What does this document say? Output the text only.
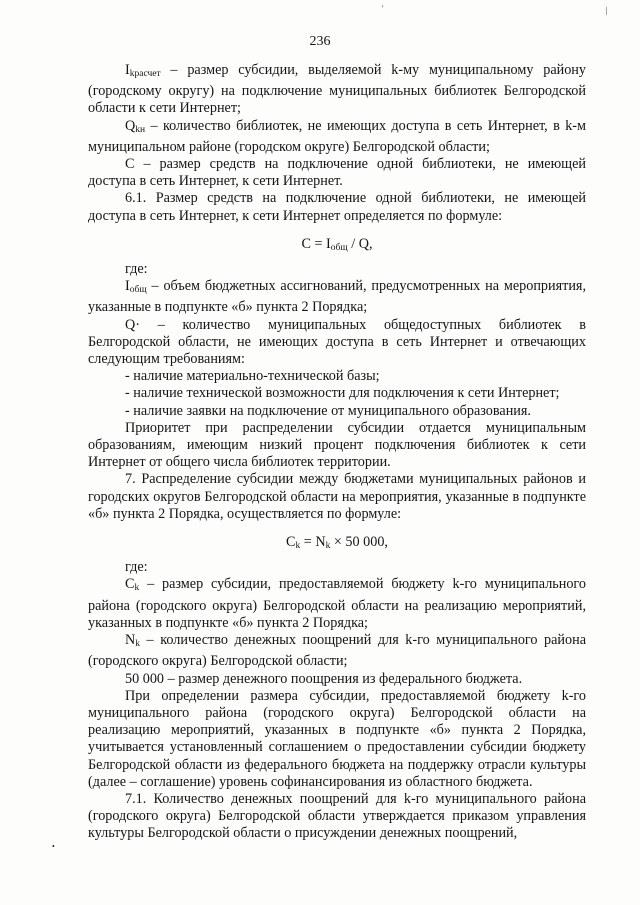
236

$I_{kрасчет}$ – размер субсидии, выделяемой k-му муниципальному району (городскому округу) на подключение муниципальных библиотек Белгородской области к сети Интернет;

$Q_{kн}$ – количество библиотек, не имеющих доступа в сеть Интернет, в k-м муниципальном районе (городском округе) Белгородской области;

С – размер средств на подключение одной библиотеки, не имеющей доступа в сеть Интернет, к сети Интернет.

6.1. Размер средств на подключение одной библиотеки, не имеющей доступа в сеть Интернет, к сети Интернет определяется по формуле:

$С = I_{общ} / Q$,

где:

$I_{общ}$ – объем бюджетных ассигнований, предусмотренных на мероприятия, указанные в подпункте «б» пункта 2 Порядка;

Q· – количество муниципальных общедоступных библиотек в Белгородской области, не имеющих доступа в сеть Интернет и отвечающих следующим требованиям:

- наличие материально-технической базы;

- наличие технической возможности для подключения к сети Интернет;

- наличие заявки на подключение от муниципального образования.

Приоритет при распределении субсидии отдается муниципальным образованиям, имеющим низкий процент подключения библиотек к сети Интернет от общего числа библиотек территории.

7. Распределение субсидии между бюджетами муниципальных районов и городских округов Белгородской области на мероприятия, указанные в подпункте «б» пункта 2 Порядка, осуществляется по формуле:

$С_k = N_k \times 50$ 000,

где:

$С_k$ – размер субсидии, предоставляемой бюджету k-го муниципального района (городского округа) Белгородской области на реализацию мероприятий, указанных в подпункте «б» пункта 2 Порядка;

$N_k$ – количество денежных поощрений для k-го муниципального района (городского округа) Белгородской области;

50 000 – размер денежного поощрения из федерального бюджета.

При определении размера субсидии, предоставляемой бюджету k-го муниципального района (городского округа) Белгородской области на реализацию мероприятий, указанных в подпункте «б» пункта 2 Порядка, учитывается установленный соглашением о предоставлении субсидии бюджету Белгородской области из федерального бюджета на поддержку отрасли культуры (далее – соглашение) уровень софинансирования из областного бюджета.

7.1. Количество денежных поощрений для k-го муниципального района (городского округа) Белгородской области утверждается приказом управления культуры Белгородской области о присуждении денежных поощрений,

'	|
•
